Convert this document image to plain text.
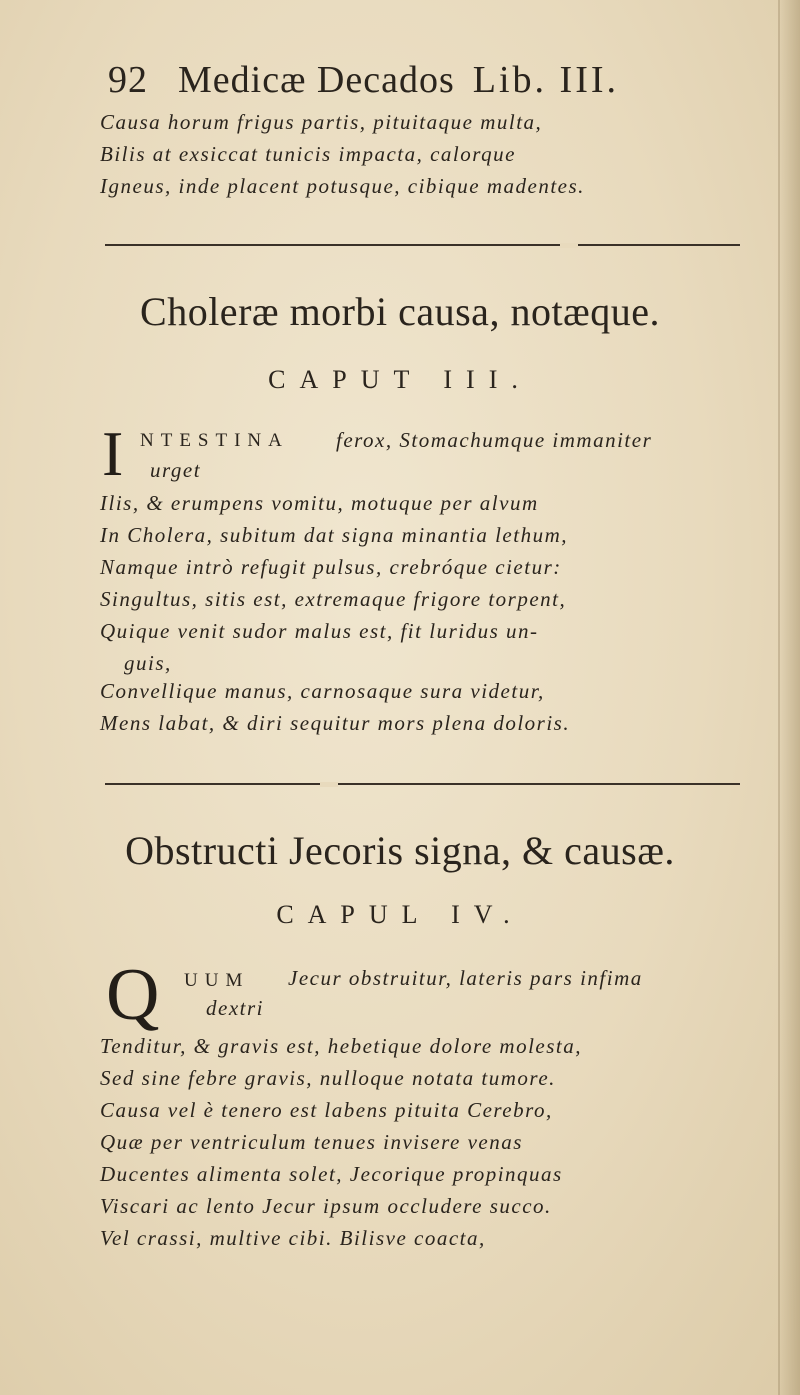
92 Medicæ Decados Lib. III.
Causa horum frigus partis, pituitaque multa,
Bilis at exsiccat tunicis impacta, calorque
Igneus, inde placent potusque, cibique madentes.
Choleræ morbi causa, notæque.
CAPUT III.
I NTESTINA ferox, Stomachumque immaniter
urget
Ilis, & erumpens vomitu, motuque per alvum
In Cholera, subitum dat signa minantia lethum,
Namque intrò refugit pulsus, crebróque cietur:
Singultus, sitis est, extremaque frigore torpent,
Quique venit sudor malus est, fit luridus un-
guis,
Convellique manus, carnosaque sura videtur,
Mens labat, & diri sequitur mors plena doloris.
Obstructi Jecoris signa, & causæ.
CAPUL IV.
Q UUM Jecur obstruitur, lateris pars infima
dextri
Tenditur, & gravis est, hebetique dolore molesta,
Sed sine febre gravis, nulloque notata tumore.
Causa vel è tenero est labens pituita Cerebro,
Quæ per ventriculum tenues invisere venas
Ducentes alimenta solet, Jecorique propinquas
Viscari ac lento Jecur ipsum occludere succo.
Vel crassi, multive cibi. Bilisve coacta,
